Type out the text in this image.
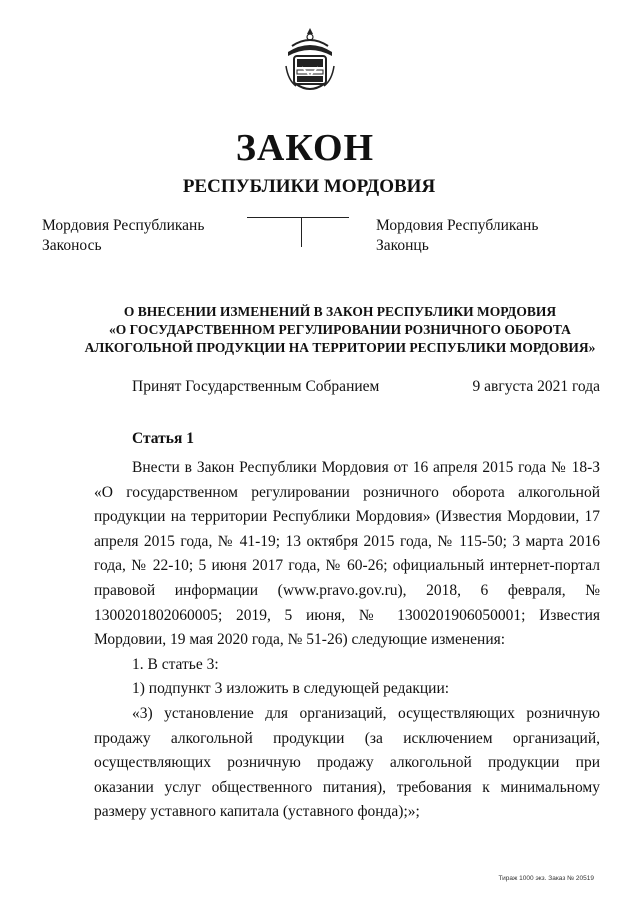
ЗАКОН
РЕСПУБЛИКИ МОРДОВИЯ
Мордовия Республикань
Законось
Мордовия Республикань
Законць
О ВНЕСЕНИИ ИЗМЕНЕНИЙ В ЗАКОН РЕСПУБЛИКИ МОРДОВИЯ
«О ГОСУДАРСТВЕННОМ РЕГУЛИРОВАНИИ РОЗНИЧНОГО ОБОРОТА
АЛКОГОЛЬНОЙ ПРОДУКЦИИ НА ТЕРРИТОРИИ РЕСПУБЛИКИ МОРДОВИЯ»
Принят Государственным Собранием	9 августа 2021 года
Статья 1

Внести в Закон Республики Мордовия от 16 апреля 2015 года № 18-З «О государственном регулировании розничного оборота алкогольной продукции на территории Республики Мордовия» (Известия Мордовии, 17 апреля 2015 года, № 41-19; 13 октября 2015 года, № 115-50; 3 марта 2016 года, № 22-10; 5 июня 2017 года, № 60-26; официальный интернет-портал правовой информации (www.pravo.gov.ru), 2018, 6 февраля, № 1300201802060005; 2019, 5 июня, № 1300201906050001; Известия Мордовии, 19 мая 2020 года, № 51-26) следующие изменения:

1. В статье 3:

1) подпункт 3 изложить в следующей редакции:

«3) установление для организаций, осуществляющих розничную продажу алкогольной продукции (за исключением организаций, осуществляющих розничную продажу алкогольной продукции при оказании услуг общественного питания), требования к минимальному размеру уставного капитала (уставного фонда);»;

Тираж 1000 экз. Заказ № 20519
